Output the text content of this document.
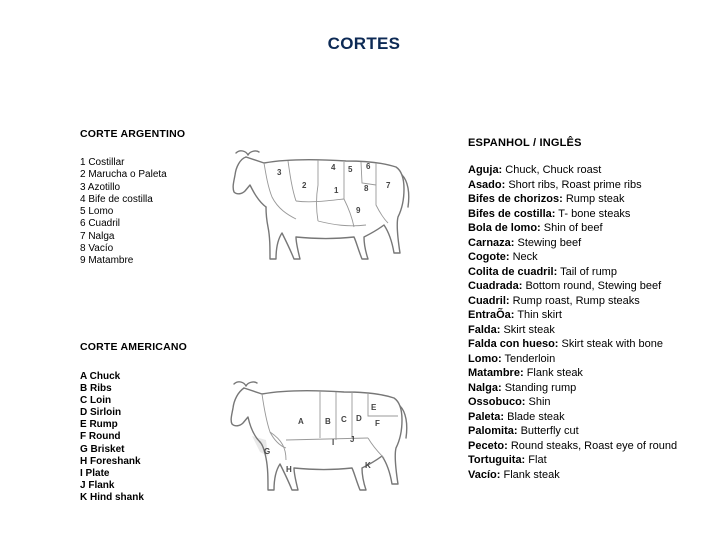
CORTES
CORTE ARGENTINO
1 Costillar
2 Marucha o Paleta
3 Azotillo
4 Bife de costilla
5 Lomo
6 Cuadril
7 Nalga
8 Vacío
9 Matambre
3
2
4 5 6
1	8 7
9
CORTE AMERICANO
A Chuck
B Ribs
C Loin
D Sirloin
E Rump
F Round
G Brisket
H Foreshank
I Plate
J Flank
K Hind shank
A	B C D
E
F
G
H
I J
K
ESPANHOL / INGLÊS
Aguja: Chuck, Chuck roast
Asado: Short ribs, Roast prime ribs
Bifes de chorizos: Rump steak
Bifes de costilla: T- bone steaks
Bola de lomo: Shin of beef
Carnaza: Stewing beef
Cogote: Neck
Colita de cuadril: Tail of rump
Cuadrada: Bottom round, Stewing beef
Cuadril: Rump roast, Rump steaks
EntraÕa: Thin skirt
Falda: Skirt steak
Falda con hueso: Skirt steak with bone
Lomo: Tenderloin
Matambre: Flank steak
Nalga: Standing rump
Ossobuco: Shin
Paleta: Blade steak
Palomita: Butterfly cut
Peceto: Round steaks, Roast eye of round
Tortuguita: Flat
Vacío: Flank steak
